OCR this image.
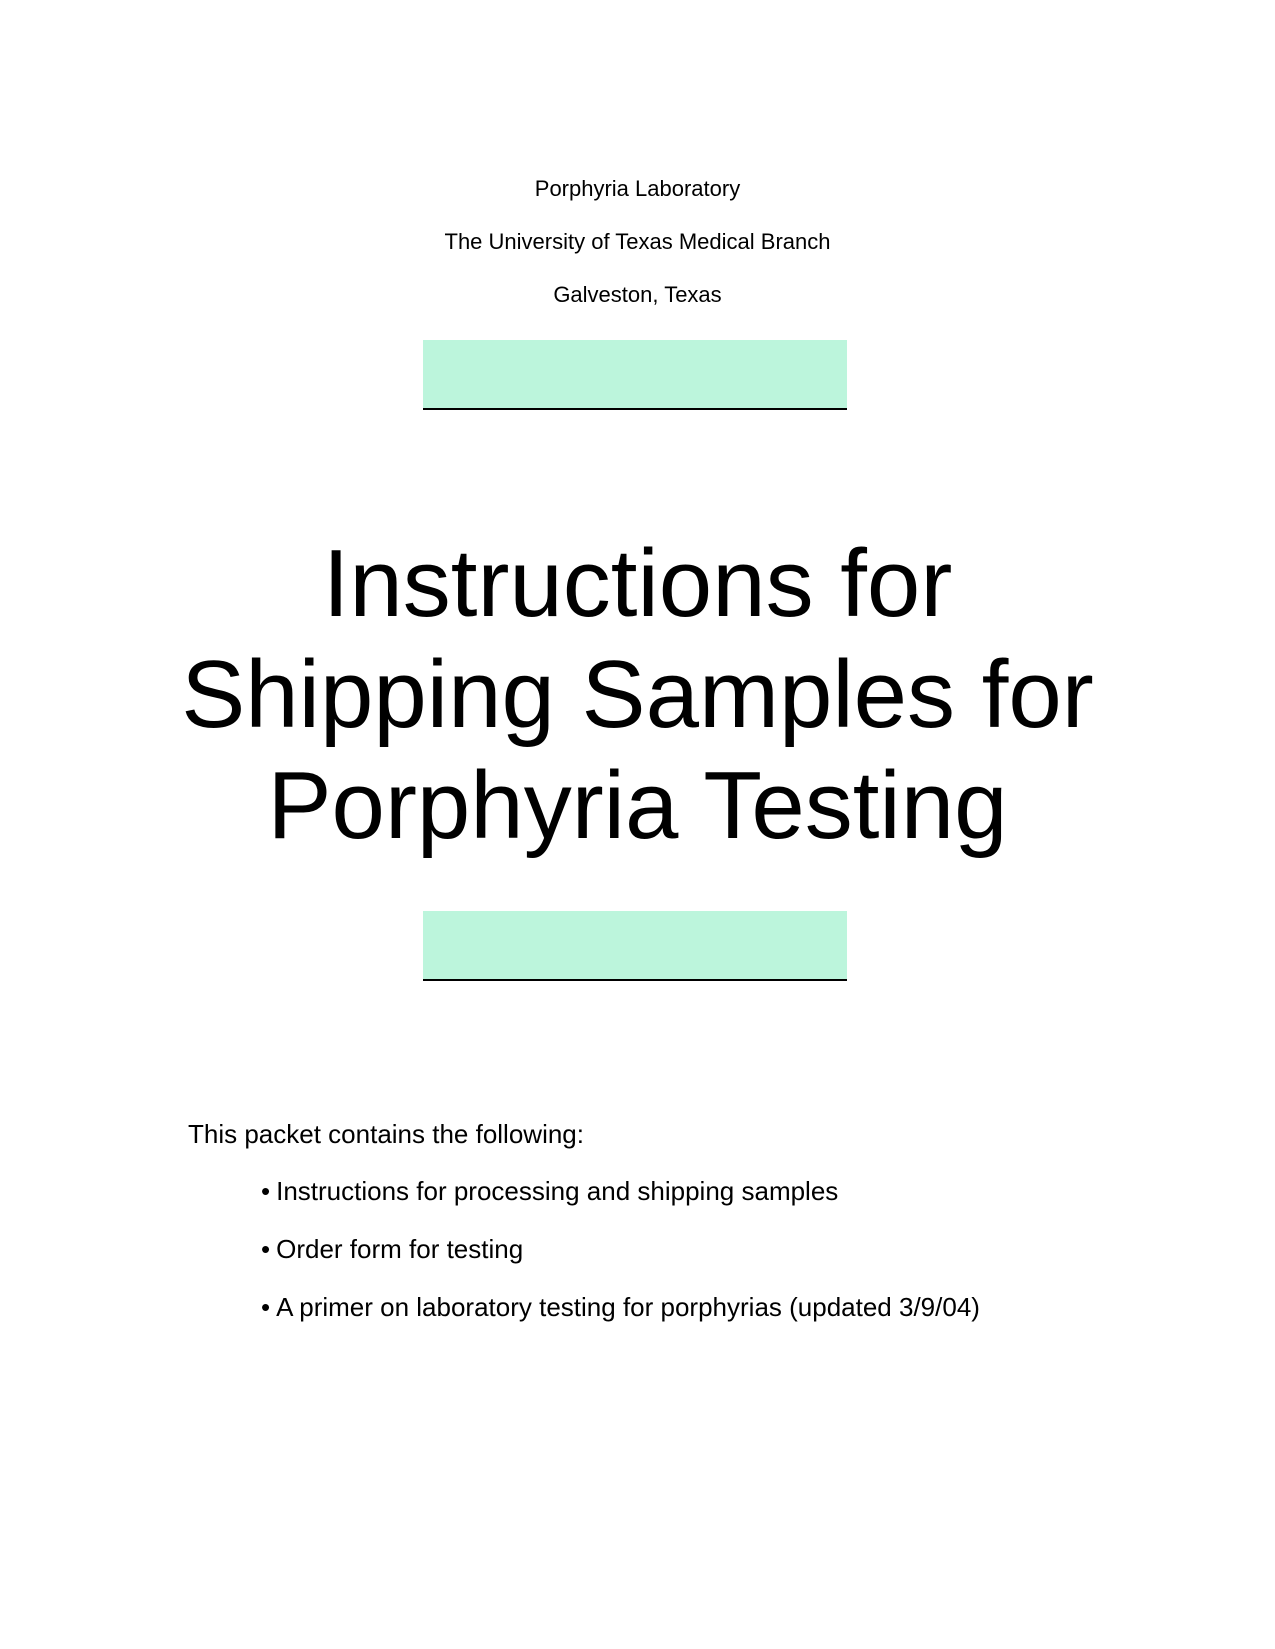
Porphyria Laboratory
The University of Texas Medical Branch
Galveston, Texas
Instructions for
Shipping Samples for
Porphyria Testing
This packet contains the following:
• Instructions for processing and shipping samples
• Order form for testing
• A primer on laboratory testing for porphyrias (updated 3/9/04)
